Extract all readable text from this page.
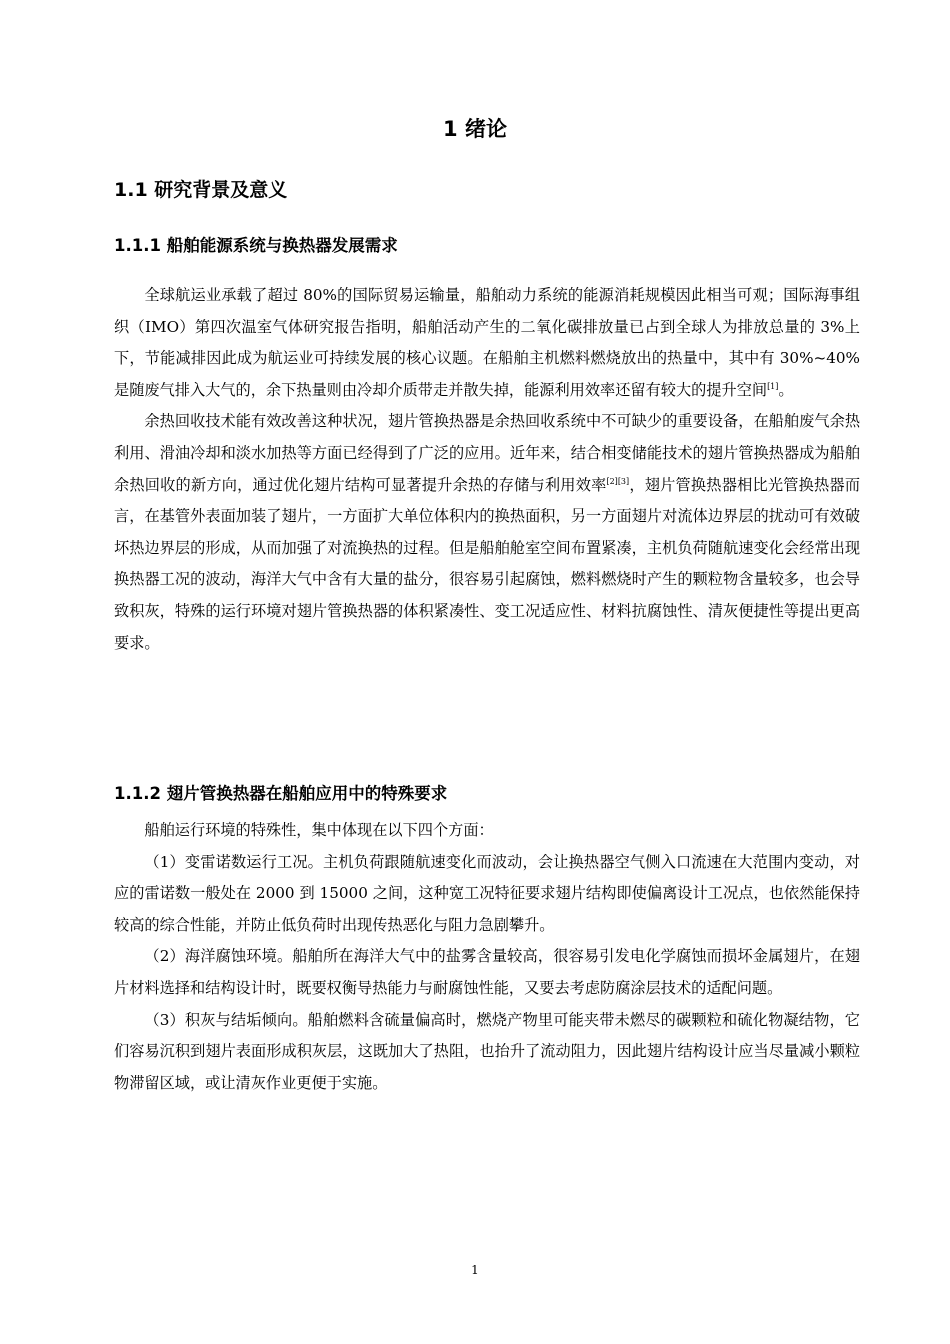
1 绪论
1.1 研究背景及意义
1.1.1 船舶能源系统与换热器发展需求

全球航运业承载了超过 80%的国际贸易运输量，船舶动力系统的能源消耗规模因此相当可观；国际海事组织（IMO）第四次温室气体研究报告指明，船舶活动产生的二氧化碳排放量已占到全球人为排放总量的 3%上下，节能减排因此成为航运业可持续发展的核心议题。在船舶主机燃料燃烧放出的热量中，其中有 30%~40%是随废气排入大气的，余下热量则由冷却介质带走并散失掉，能源利用效率还留有较大的提升空间[1]。

余热回收技术能有效改善这种状况，翅片管换热器是余热回收系统中不可缺少的重要设备，在船舶废气余热利用、滑油冷却和淡水加热等方面已经得到了广泛的应用。近年来，结合相变储能技术的翅片管换热器成为船舶余热回收的新方向，通过优化翅片结构可显著提升余热的存储与利用效率[2][3]，翅片管换热器相比光管换热器而言，在基管外表面加装了翅片，一方面扩大单位体积内的换热面积，另一方面翅片对流体边界层的扰动可有效破坏热边界层的形成，从而加强了对流换热的过程。但是船舶舱室空间布置紧凑，主机负荷随航速变化会经常出现换热器工况的波动，海洋大气中含有大量的盐分，很容易引起腐蚀，燃料燃烧时产生的颗粒物含量较多，也会导致积灰，特殊的运行环境对翅片管换热器的体积紧凑性、变工况适应性、材料抗腐蚀性、清灰便捷性等提出更高要求。

1.1.2 翅片管换热器在船舶应用中的特殊要求

船舶运行环境的特殊性，集中体现在以下四个方面：

（1）变雷诺数运行工况。主机负荷跟随航速变化而波动，会让换热器空气侧入口流速在大范围内变动，对应的雷诺数一般处在 2000 到 15000 之间，这种宽工况特征要求翅片结构即使偏离设计工况点，也依然能保持较高的综合性能，并防止低负荷时出现传热恶化与阻力急剧攀升。

（2）海洋腐蚀环境。船舶所在海洋大气中的盐雾含量较高，很容易引发电化学腐蚀而损坏金属翅片，在翅片材料选择和结构设计时，既要权衡导热能力与耐腐蚀性能，又要去考虑防腐涂层技术的适配问题。

（3）积灰与结垢倾向。船舶燃料含硫量偏高时，燃烧产物里可能夹带未燃尽的碳颗粒和硫化物凝结物，它们容易沉积到翅片表面形成积灰层，这既加大了热阻，也抬升了流动阻力，因此翅片结构设计应当尽量减小颗粒物滞留区域，或让清灰作业更便于实施。

1
